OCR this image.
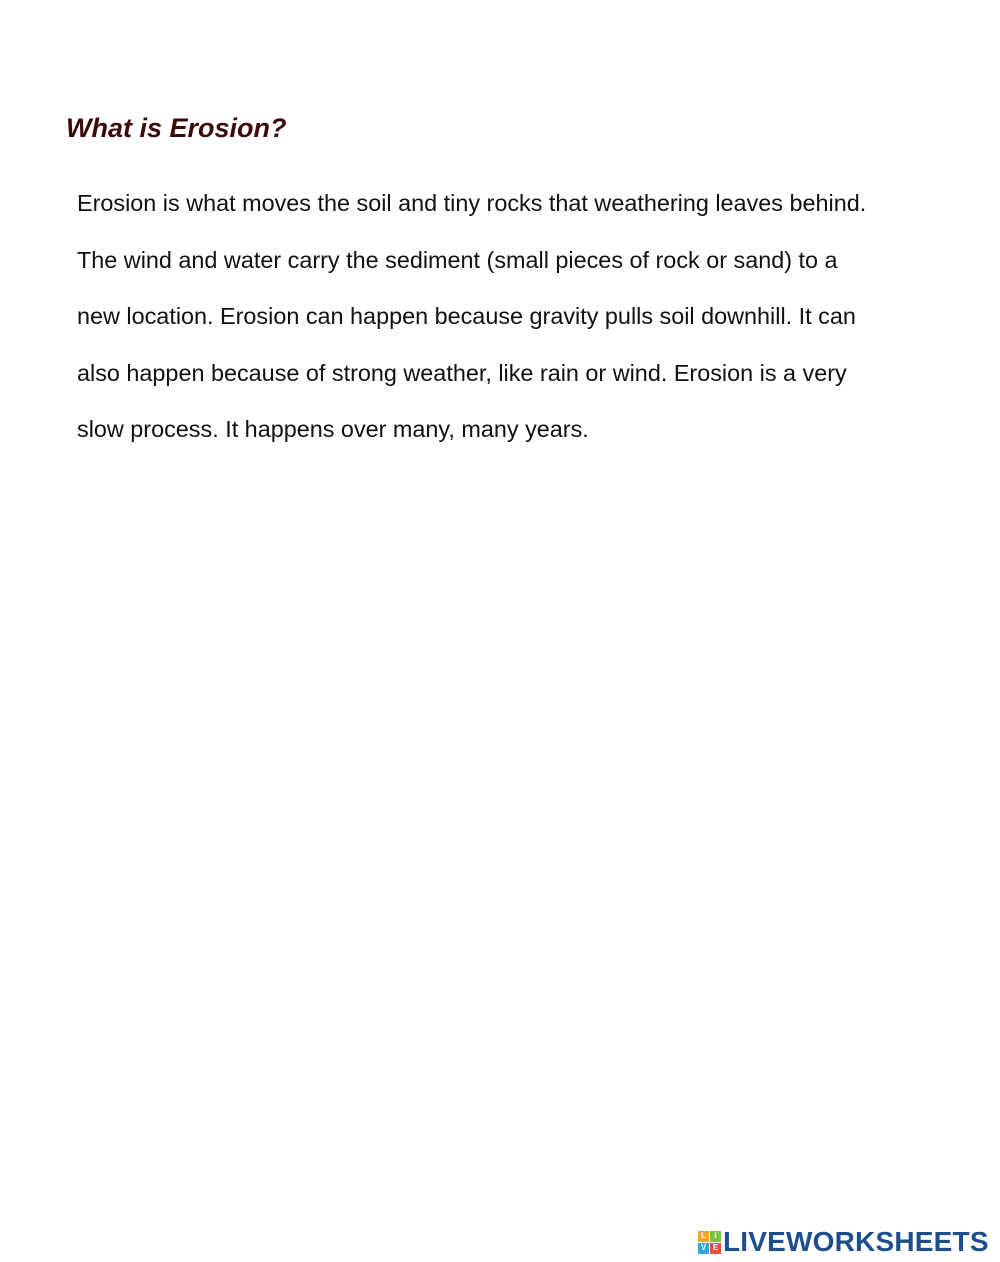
What is Erosion?
Erosion is what moves the soil and tiny rocks that weathering leaves behind.
The wind and water carry the sediment (small pieces of rock or sand) to a
new location. Erosion can happen because gravity pulls soil downhill. It can
also happen because of strong weather, like rain or wind. Erosion is a very
slow process. It happens over many, many years.
L	I
V E LIVEWORKSHEETS
